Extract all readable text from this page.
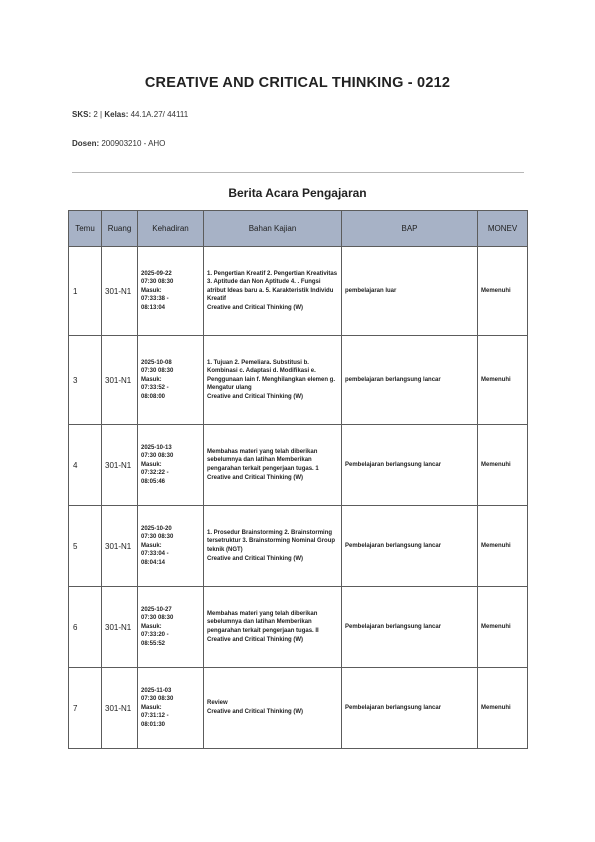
CREATIVE AND CRITICAL THINKING - 0212
SKS: 2 | Kelas: 44.1A.27/ 44111
Dosen: 200903210 - AHO
Berita Acara Pengajaran
Temu	Ruang	Kehadiran	Bahan Kajian	BAP	MONEV
1	301-N1	2025-09-22
07:30 08:30
Masuk:
07:33:38 -
08:13:04	1. Pengertian Kreatif 2. Pengertian Kreativitas 3. Aptitude dan Non Aptitude 4. . Fungsi atribut Ideas baru a. 5. Karakteristik Individu Kreatif
Creative and Critical Thinking (W)	pembelajaran luar	Memenuhi
3	301-N1	2025-10-08
07:30 08:30
Masuk:
07:33:52 -
08:08:00	1. Tujuan 2. Pemeliara. Substitusi b. Kombinasi c. Adaptasi d. Modifikasi e. Penggunaan lain f. Menghilangkan elemen g. Mengatur ulang
Creative and Critical Thinking (W)	pembelajaran berlangsung lancar	Memenuhi
4	301-N1	2025-10-13
07:30 08:30
Masuk:
07:32:22 -
08:05:46	Membahas materi yang telah diberikan sebelumnya dan latihan Memberikan pengarahan terkait pengerjaan tugas. 1
Creative and Critical Thinking (W)	Pembelajaran berlangsung lancar	Memenuhi
5	301-N1	2025-10-20
07:30 08:30
Masuk:
07:33:04 -
08:04:14	1. Prosedur Brainstorming 2. Brainstorming tersetruktur 3. Brainstorming Nominal Group teknik (NGT)
Creative and Critical Thinking (W)	Pembelajaran berlangsung lancar	Memenuhi
6	301-N1	2025-10-27
07:30 08:30
Masuk:
07:33:20 -
08:55:52	Membahas materi yang telah diberikan sebelumnya dan latihan Memberikan pengarahan terkait pengerjaan tugas. II
Creative and Critical Thinking (W)	Pembelajaran berlangsung lancar	Memenuhi
7	301-N1	2025-11-03
07:30 08:30
Masuk:
07:31:12 -
08:01:30	Review
Creative and Critical Thinking (W)	Pembelajaran berlangsung lancar	Memenuhi
